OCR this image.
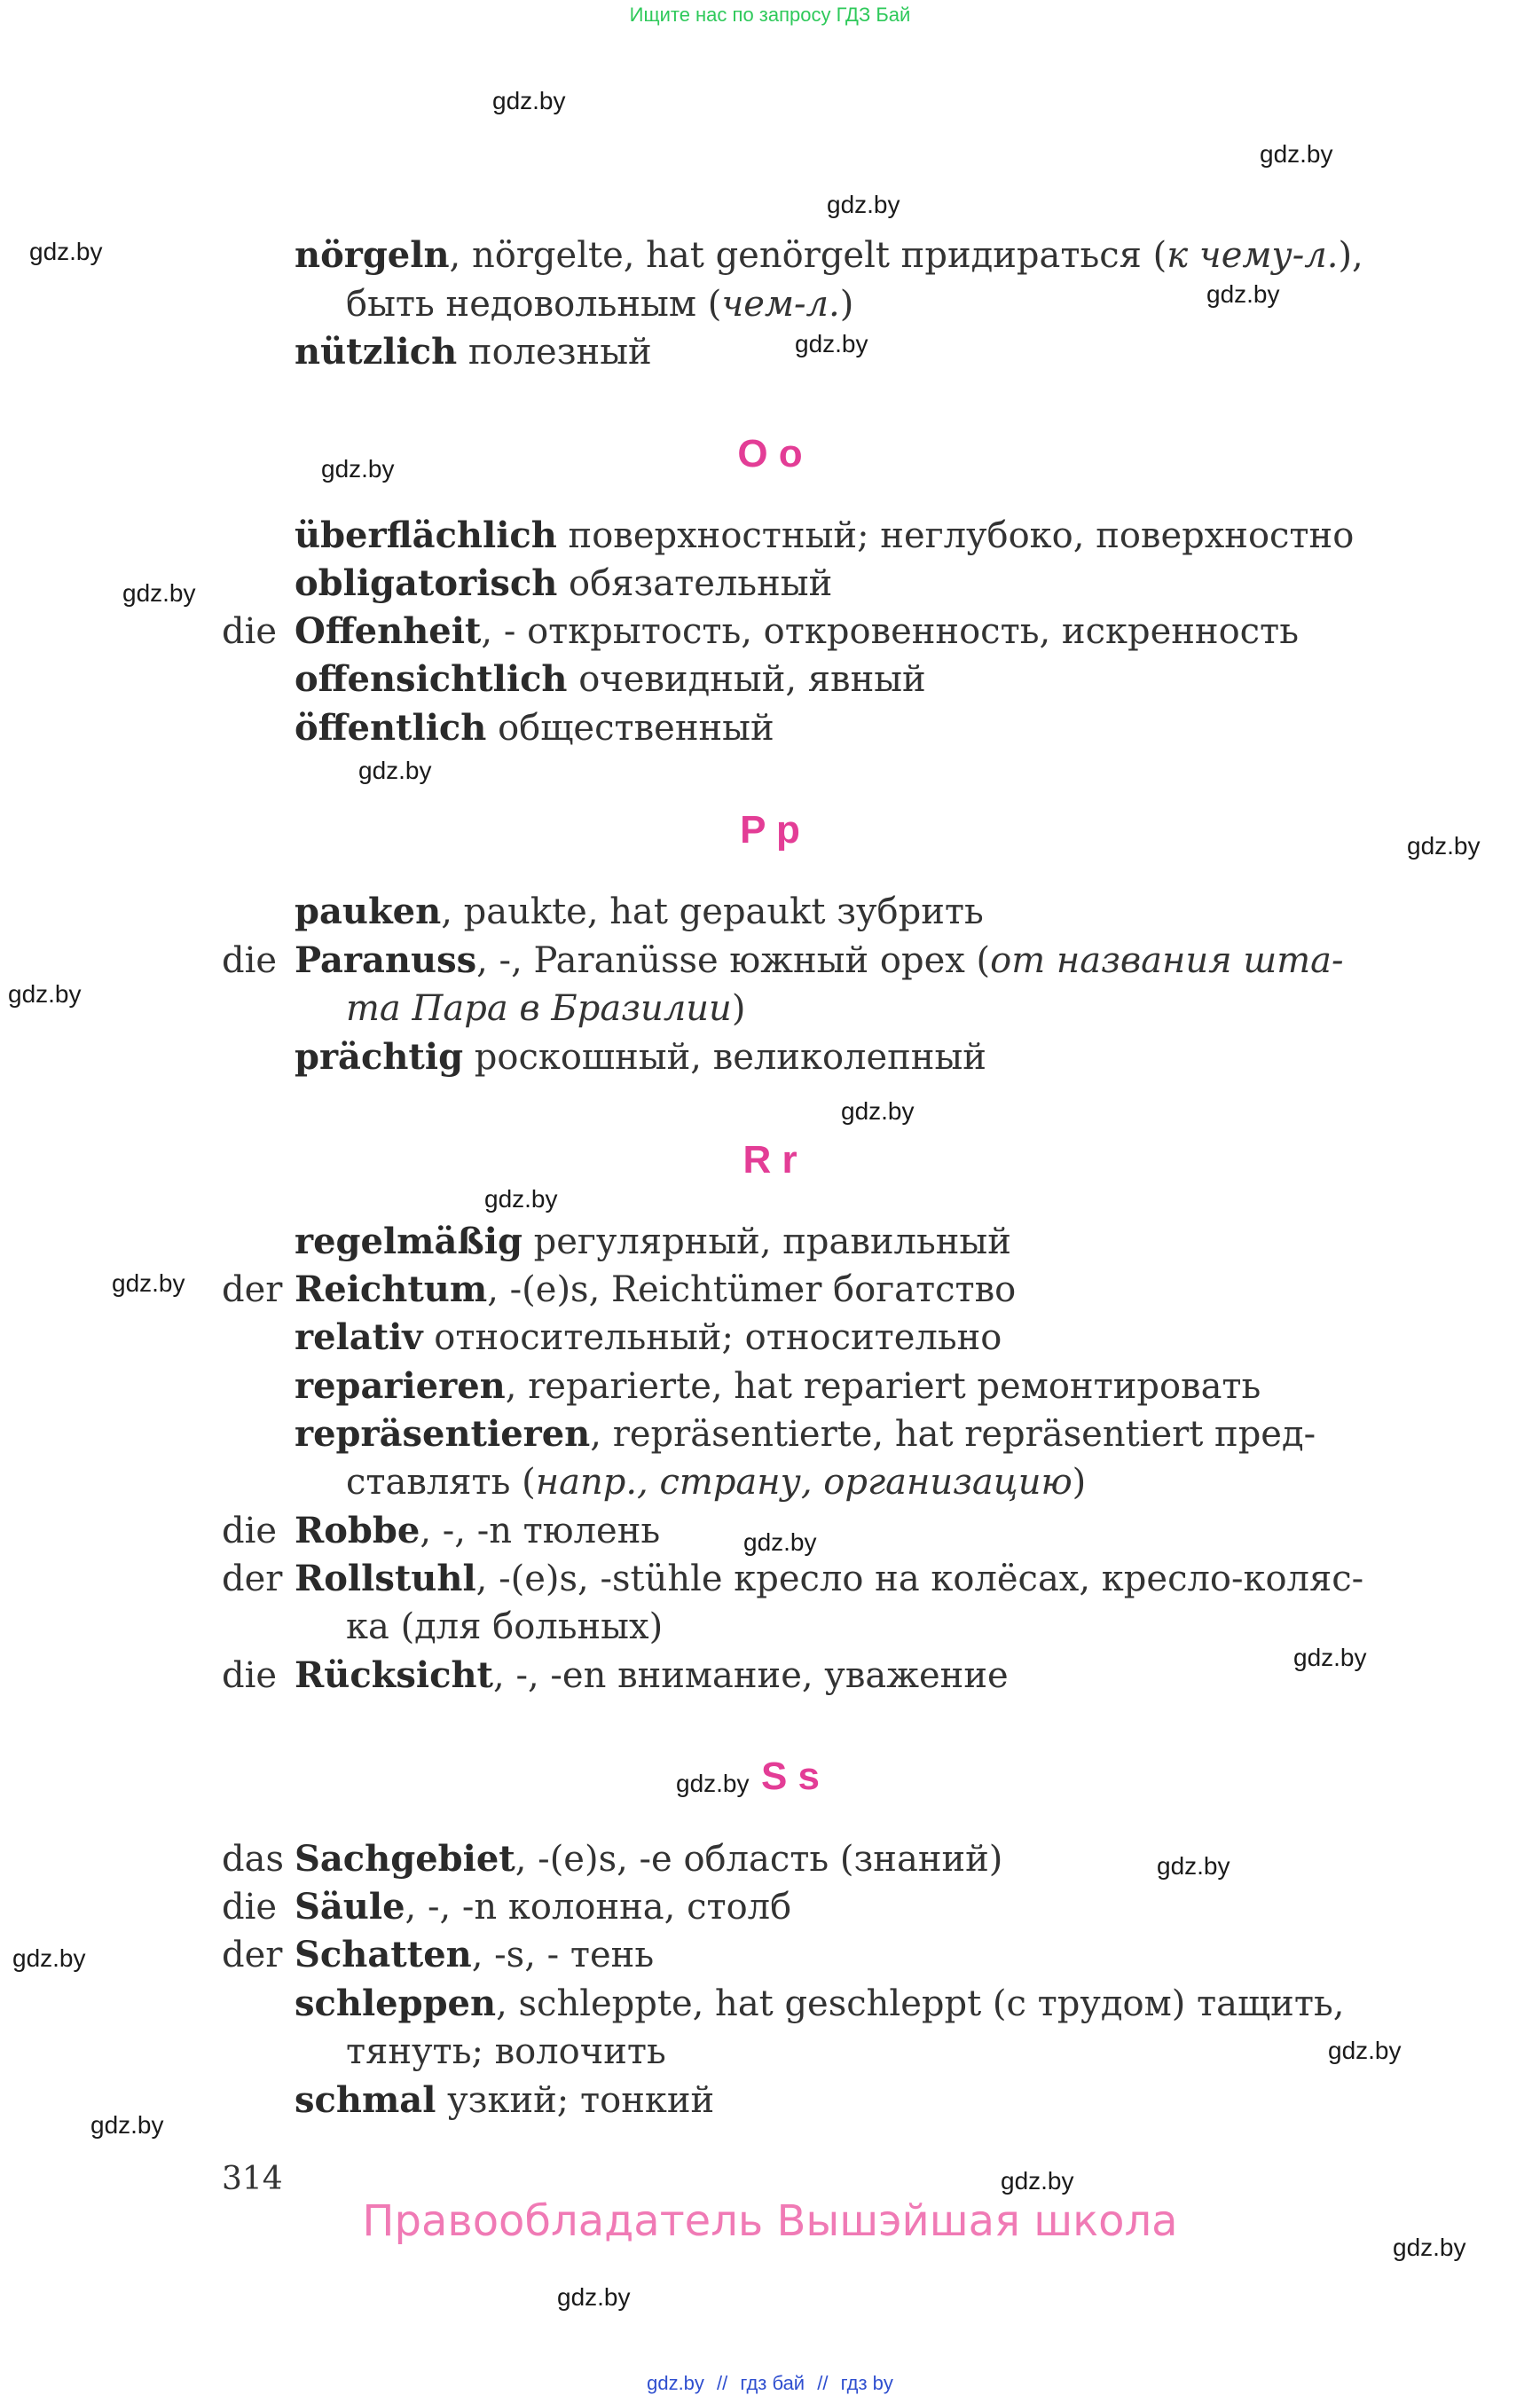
Ищите нас по запросу ГДЗ Бай
gdz.by
gdz.by
gdz.by
gdz.by
gdz.by
gdz.by
gdz.by
gdz.by
gdz.by
gdz.by
gdz.by
gdz.by
gdz.by
gdz.by
gdz.by
gdz.by
gdz.by
gdz.by
gdz.by
gdz.by
gdz.by
gdz.by
gdz.by
gdz.by
nörgeln, nörgelte, hat genörgelt придираться (к чему-л.),
быть недовольным (чем-л.)
nützlich полезный
O o
überflächlich поверхностный; неглубоко, поверхностно
obligatorisch обязательный
die Offenheit, - открытость, откровенность, искренность
offensichtlich очевидный, явный
öffentlich общественный
P p
pauken, paukte, hat gepaukt зубрить
die Paranuss, -, Paranüsse южный орех (от названия шта-
та Пара в Бразилии)
prächtig роскошный, великолепный
R r
regelmäßig регулярный, правильный
der Reichtum, -(e)s, Reichtümer богатство
relativ относительный; относительно
reparieren, reparierte, hat repariert ремонтировать
repräsentieren, repräsentierte, hat repräsentiert пред-
ставлять (напр., страну, организацию)
die Robbe, -, -n тюлень
der Rollstuhl, -(e)s, -stühle кресло на колёсах, кресло-коляс-
ка (для больных)
die Rücksicht, -, -en внимание, уважение
S s
das Sachgebiet, -(e)s, -e область (знаний)
die Säule, -, -n колонна, столб
der Schatten, -s, - тень
schleppen, schleppte, hat geschleppt (с трудом) тащить,
тянуть; волочить
schmal узкий; тонкий
314
Правообладатель Вышэйшая школа
gdz.by // гдз бай // гдз by
